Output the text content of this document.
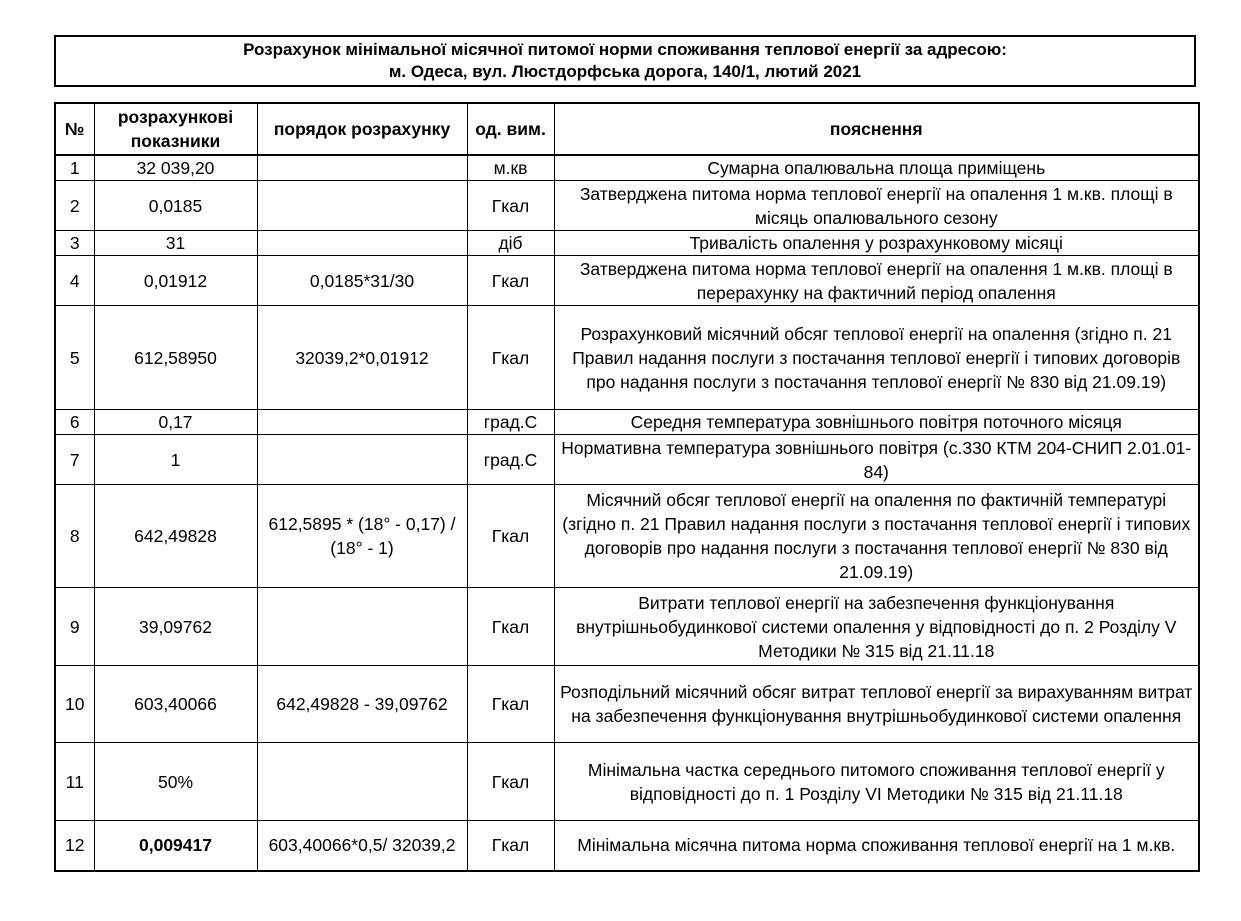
Розрахунок мінімальної місячної питомої норми споживання теплової енергії за адресою:
м. Одеса, вул. Люстдорфська дорога, 140/1, лютий 2021
№	розрахункові показники	порядок розрахунку	од. вим.	пояснення
1	32 039,20		м.кв	Сумарна опалювальна площа приміщень
2	0,0185		Гкал	Затверджена питома норма теплової енергії на опалення 1 м.кв. площі в місяць опалювального сезону
3	31		діб	Тривалість опалення у розрахунковому місяці
4	0,01912	0,0185*31/30	Гкал	Затверджена питома норма теплової енергії на опалення 1 м.кв. площі в перерахунку на фактичний період опалення
5	612,58950	32039,2*0,01912	Гкал	Розрахунковий місячний обсяг теплової енергії на опалення (згідно п. 21 Правил надання послуги з постачання теплової енергії і типових договорів про надання послуги з постачання теплової енергії № 830 від 21.09.19)
6	0,17		град.С	Середня температура зовнішнього повітря поточного місяця
7	1		град.С	Нормативна температура зовнішнього повітря (с.330 КТМ 204-СНИП 2.01.01-84)
8	642,49828	612,5895 * (18° - 0,17) / (18° - 1)	Гкал	Місячний обсяг теплової енергії на опалення по фактичній температурі (згідно п. 21 Правил надання послуги з постачання теплової енергії і типових договорів про надання послуги з постачання теплової енергії № 830 від 21.09.19)
9	39,09762		Гкал	Витрати теплової енергії на забезпечення функціонування внутрішньобудинкової системи опалення у відповідності до п. 2 Розділу V Методики № 315 від 21.11.18
10	603,40066	642,49828 - 39,09762	Гкал	Розподільний місячний обсяг витрат теплової енергії за вирахуванням витрат на забезпечення функціонування внутрішньобудинкової системи опалення
11	50%		Гкал	Мінімальна частка середнього питомого споживання теплової енергії у відповідності до п. 1 Розділу VI Методики № 315 від 21.11.18
12	0,009417	603,40066*0,5/ 32039,2	Гкал	Мінімальна місячна питома норма споживання теплової енергії на 1 м.кв.
